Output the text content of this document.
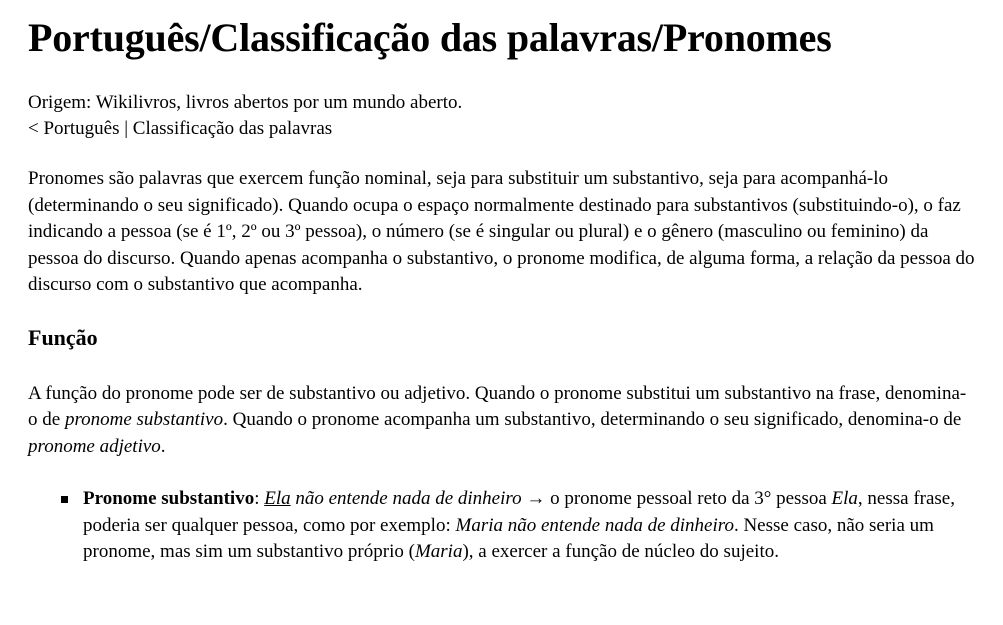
Português/Classificação das palavras/Pronomes
Origem: Wikilivros, livros abertos por um mundo aberto.
< Português | Classificação das palavras

Pronomes são palavras que exercem função nominal, seja para substituir um substantivo, seja para acompanhá-lo (determinando o seu significado). Quando ocupa o espaço normalmente destinado para substantivos (substituindo-o), o faz indicando a pessoa (se é 1º, 2º ou 3º pessoa), o número (se é singular ou plural) e o gênero (masculino ou feminino) da pessoa do discurso. Quando apenas acompanha o substantivo, o pronome modifica, de alguma forma, a relação da pessoa do discurso com o substantivo que acompanha.

Função

A função do pronome pode ser de substantivo ou adjetivo. Quando o pronome substitui um substantivo na frase, denomina-o de pronome substantivo. Quando o pronome acompanha um substantivo, determinando o seu significado, denomina-o de pronome adjetivo.

Pronome substantivo: Ela não entende nada de dinheiro → o pronome pessoal reto da 3° pessoa Ela, nessa frase, poderia ser qualquer pessoa, como por exemplo: Maria não entende nada de dinheiro. Nesse caso, não seria um pronome, mas sim um substantivo próprio (Maria), a exercer a função de núcleo do sujeito.
